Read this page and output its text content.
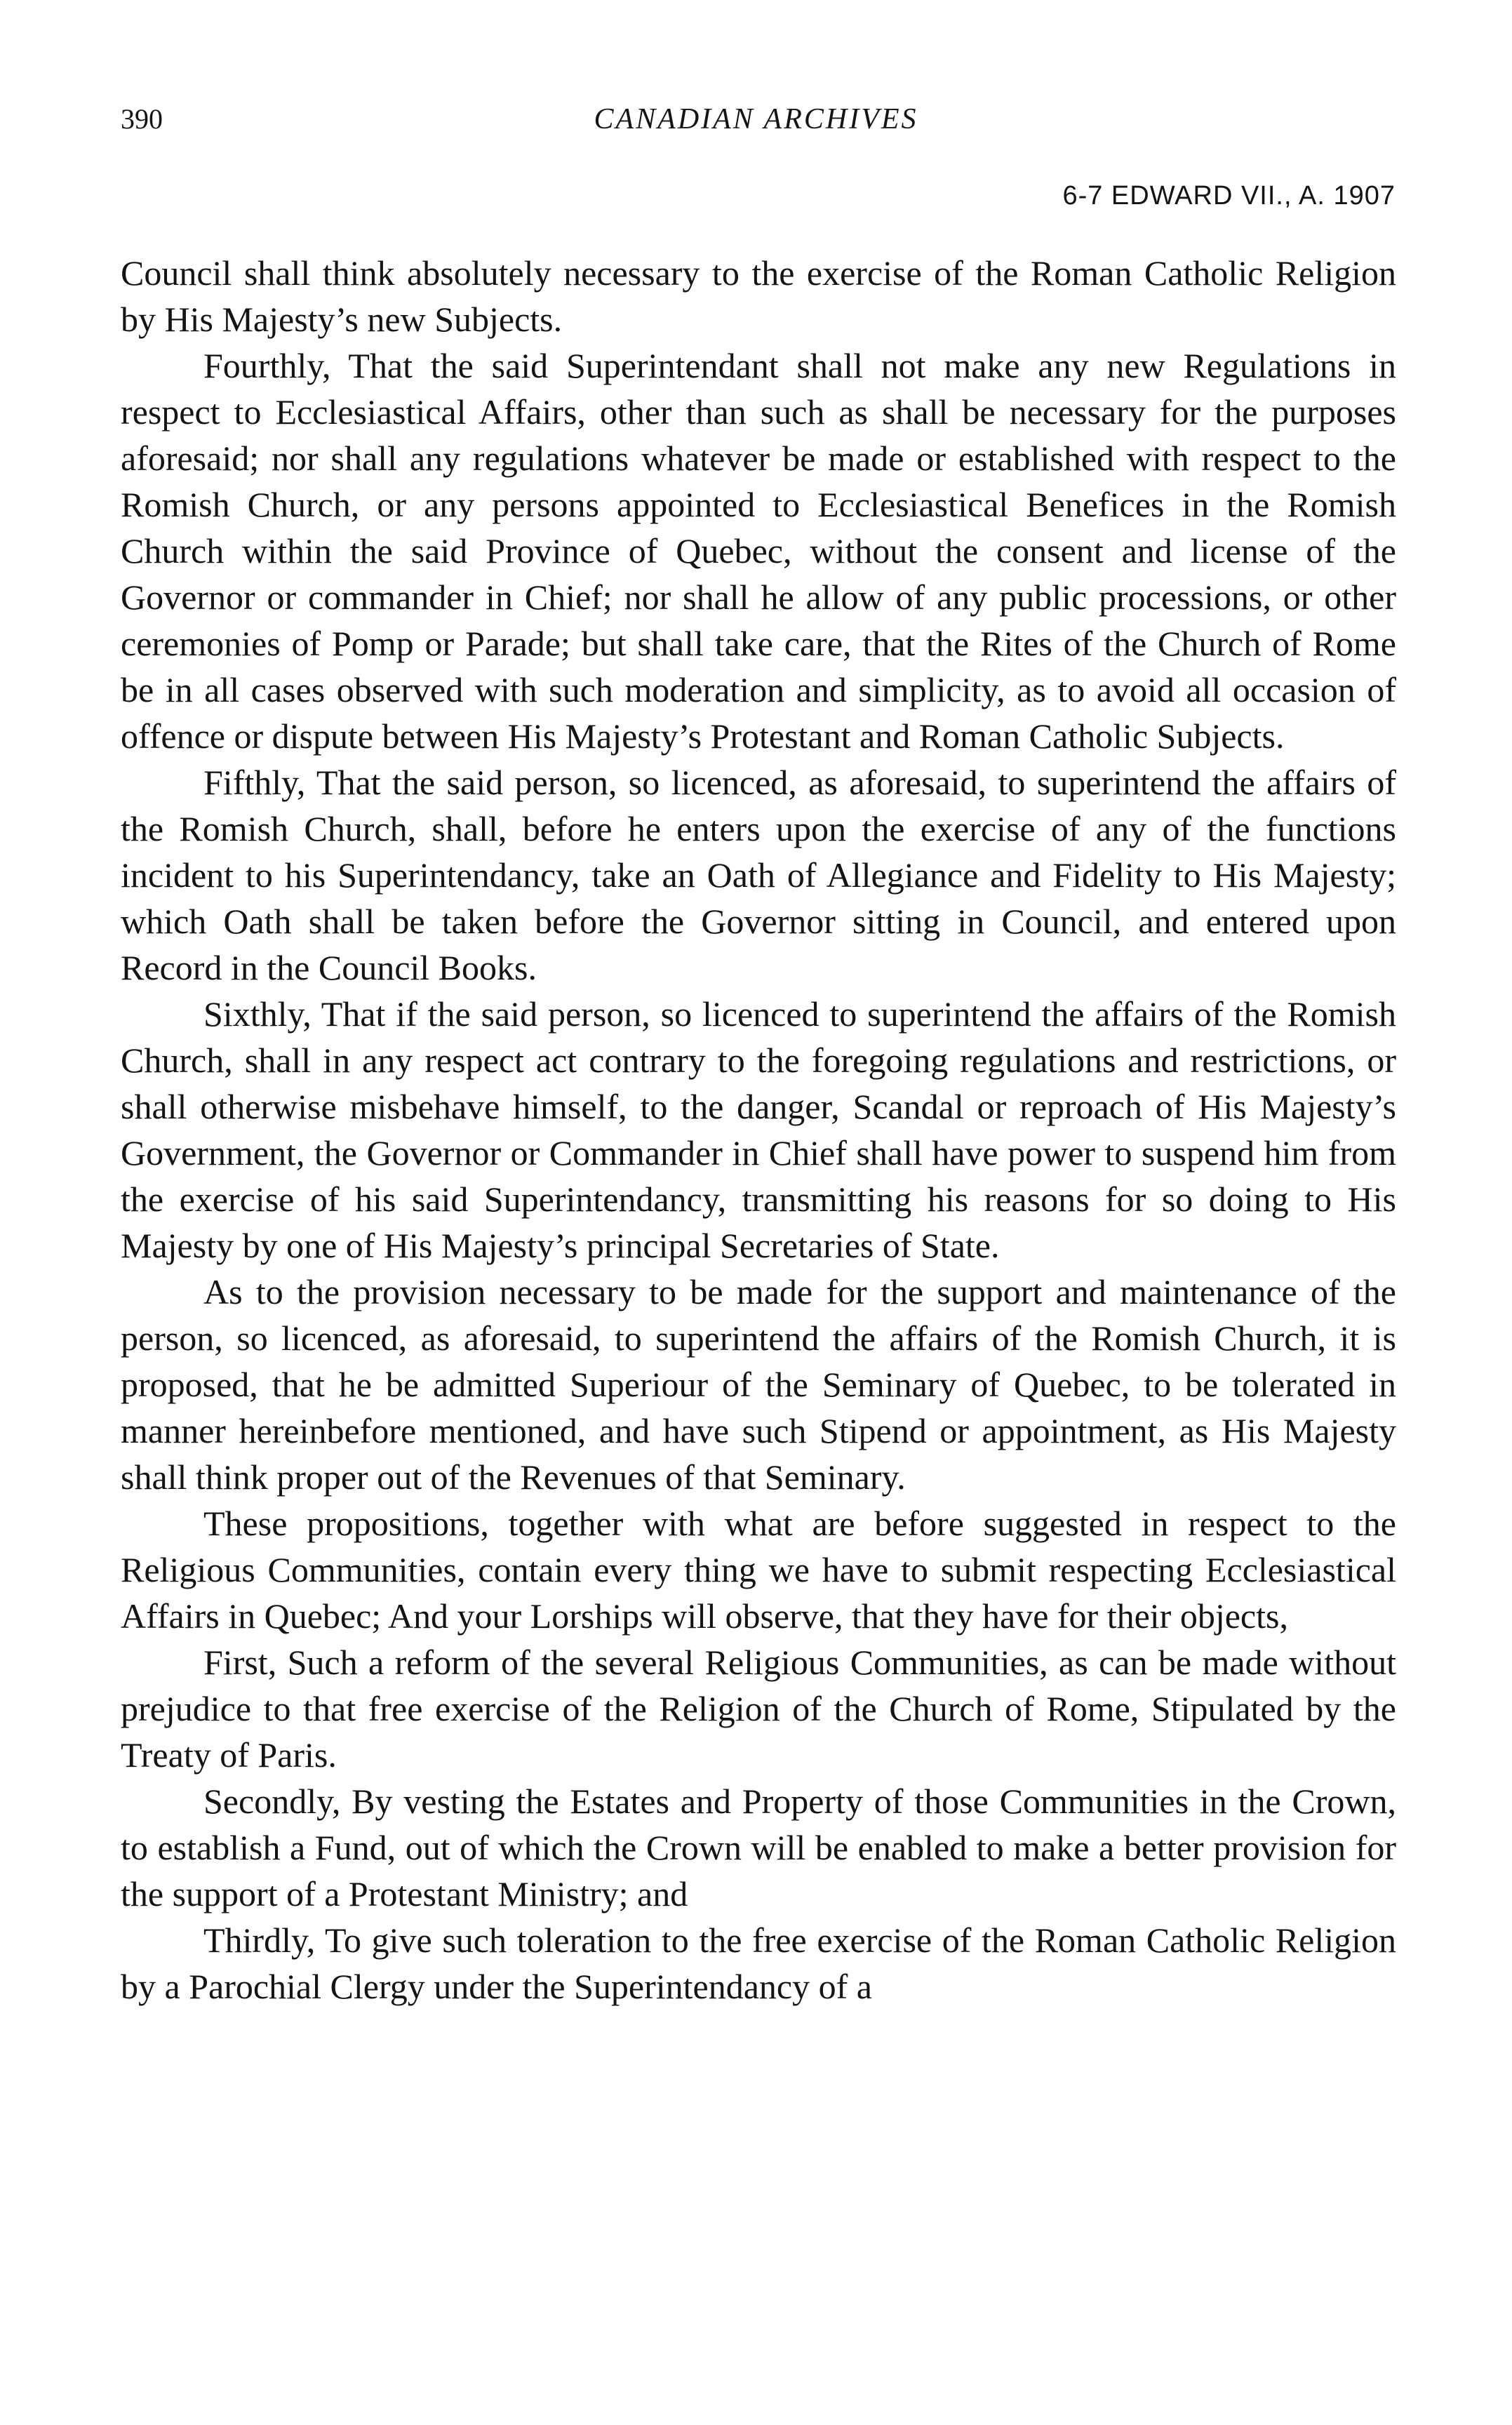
390	CANADIAN ARCHIVES
6-7 EDWARD VII., A. 1907

Council shall think absolutely necessary to the exercise of the Roman Catholic Religion by His Majesty’s new Subjects.

Fourthly, That the said Superintendant shall not make any new Regulations in respect to Ecclesiastical Affairs, other than such as shall be necessary for the purposes aforesaid; nor shall any regulations whatever be made or established with respect to the Romish Church, or any persons appointed to Ecclesiastical Benefices in the Romish Church within the said Province of Quebec, without the consent and license of the Governor or commander in Chief; nor shall he allow of any public processions, or other ceremonies of Pomp or Parade; but shall take care, that the Rites of the Church of Rome be in all cases observed with such moderation and simplicity, as to avoid all occasion of offence or dispute between His Majesty’s Protestant and Roman Catholic Subjects.

Fifthly, That the said person, so licenced, as aforesaid, to superintend the affairs of the Romish Church, shall, before he enters upon the exercise of any of the functions incident to his Superintendancy, take an Oath of Allegiance and Fidelity to His Majesty; which Oath shall be taken before the Governor sitting in Council, and entered upon Record in the Council Books.

Sixthly, That if the said person, so licenced to superintend the affairs of the Romish Church, shall in any respect act contrary to the foregoing regulations and restrictions, or shall otherwise misbehave himself, to the danger, Scandal or reproach of His Majesty’s Government, the Governor or Commander in Chief shall have power to suspend him from the exercise of his said Superintendancy, transmitting his reasons for so doing to His Majesty by one of His Majesty’s principal Secretaries of State.

As to the provision necessary to be made for the support and maintenance of the person, so licenced, as aforesaid, to superintend the affairs of the Romish Church, it is proposed, that he be admitted Superiour of the Seminary of Quebec, to be tolerated in manner hereinbefore mentioned, and have such Stipend or appointment, as His Majesty shall think proper out of the Revenues of that Seminary.

These propositions, together with what are before suggested in respect to the Religious Communities, contain every thing we have to submit respecting Ecclesiastical Affairs in Quebec; And your Lorships will observe, that they have for their objects,

First, Such a reform of the several Religious Communities, as can be made without prejudice to that free exercise of the Religion of the Church of Rome, Stipulated by the Treaty of Paris.

Secondly, By vesting the Estates and Property of those Communities in the Crown, to establish a Fund, out of which the Crown will be enabled to make a better provision for the support of a Protestant Ministry; and

Thirdly, To give such toleration to the free exercise of the Roman Catholic Religion by a Parochial Clergy under the Superintendancy of a
